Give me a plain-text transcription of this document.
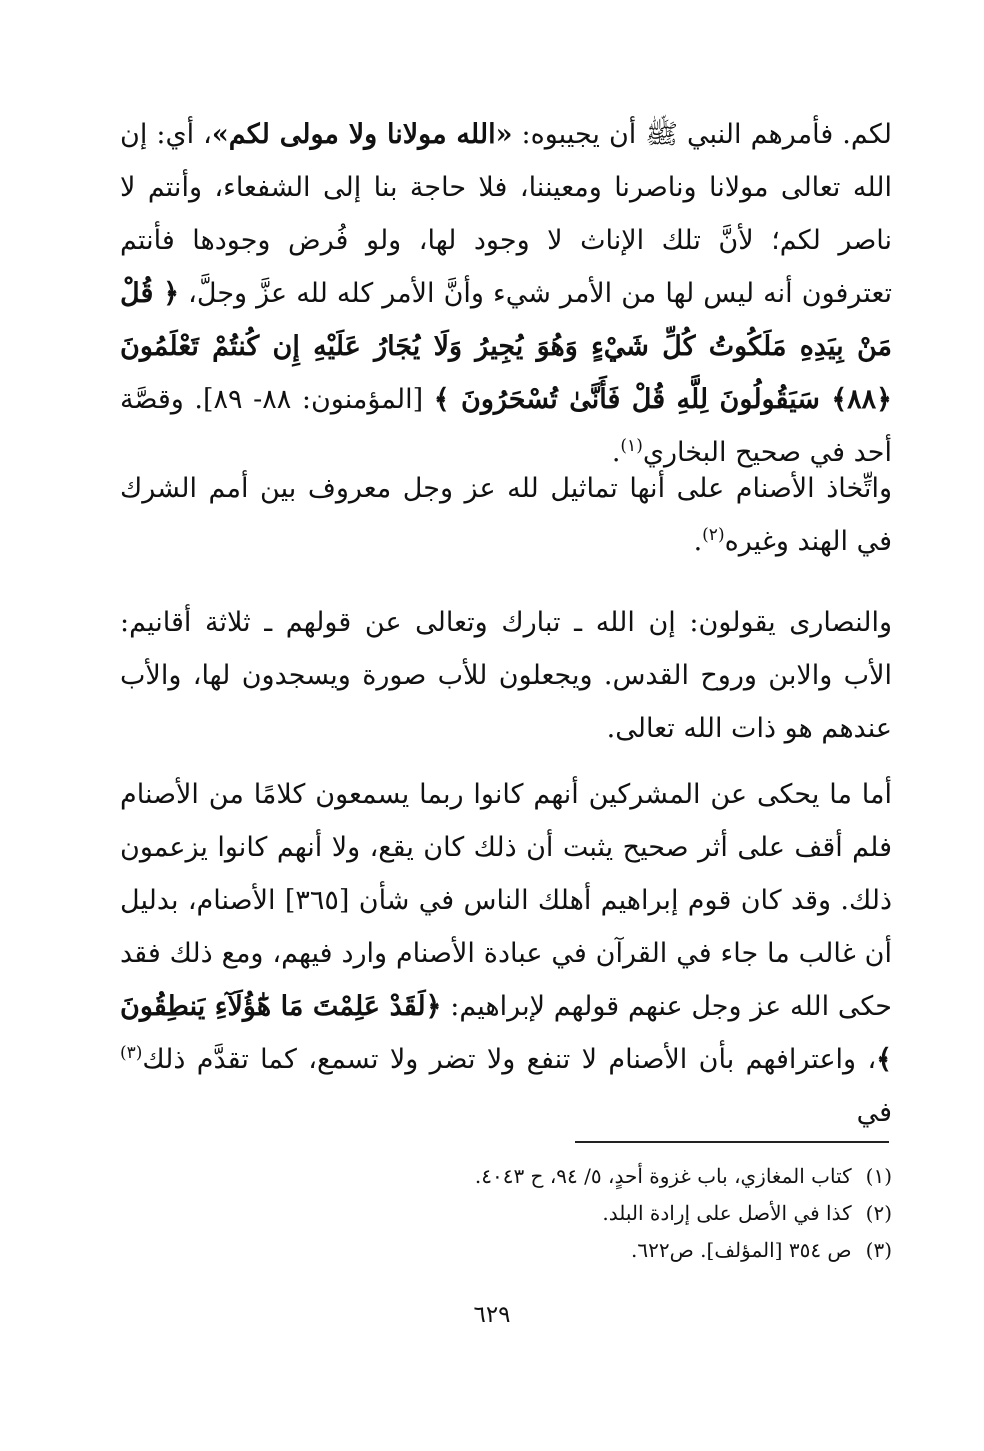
لكم. فأمرهم النبي ﷺ أن يجيبوه: «الله مولانا ولا مولى لكم»، أي: إن الله تعالى مولانا وناصرنا ومعيننا، فلا حاجة بنا إلى الشفعاء، وأنتم لا ناصر لكم؛ لأنَّ تلك الإناث لا وجود لها، ولو فُرض وجودها فأنتم تعترفون أنه ليس لها من الأمر شيء وأنَّ الأمر كله لله عزَّ وجلَّ، ﴿ قُلْ مَنْ بِيَدِهِ مَلَكُوتُ كُلِّ شَيْءٍ وَهُوَ يُجِيرُ وَلَا يُجَارُ عَلَيْهِ إِن كُنتُمْ تَعْلَمُونَ ﴿٨٨﴾ سَيَقُولُونَ لِلَّهِ قُلْ فَأَنَّىٰ تُسْحَرُونَ ﴾ [المؤمنون: ٨٨- ٨٩]. وقصَّة أحد في صحيح البخاري$^{(١)}$.

واتِّخاذ الأصنام على أنها تماثيل لله عز وجل معروف بين أمم الشرك في الهند وغيره$^{(٢)}$.

والنصارى يقولون: إن الله ـ تبارك وتعالى عن قولهم ـ ثلاثة أقانيم: الأب والابن وروح القدس. ويجعلون للأب صورة ويسجدون لها، والأب عندهم هو ذات الله تعالى.

أما ما يحكى عن المشركين أنهم كانوا ربما يسمعون كلامًا من الأصنام فلم أقف على أثر صحيح يثبت أن ذلك كان يقع، ولا أنهم كانوا يزعمون ذلك. وقد كان قوم إبراهيم أهلك الناس في شأن [٣٦٥] الأصنام، بدليل أن غالب ما جاء في القرآن في عبادة الأصنام وارد فيهم، ومع ذلك فقد حكى الله عز وجل عنهم قولهم لإبراهيم: ﴿لَقَدْ عَلِمْتَ مَا هَٰٓؤُلَآءِ يَنطِقُونَ ﴾، واعترافهم بأن الأصنام لا تنفع ولا تضر ولا تسمع، كما تقدَّم ذلك$^{(٣)}$ في

(١)كتاب المغازي، باب غزوة أحدٍ، ٥/ ٩٤، ح ٤٠٤٣.
(٢)كذا في الأصل على إرادة البلد.
(٣)ص ٣٥٤ [المؤلف]. ص٦٢٢.
٦٢٩
